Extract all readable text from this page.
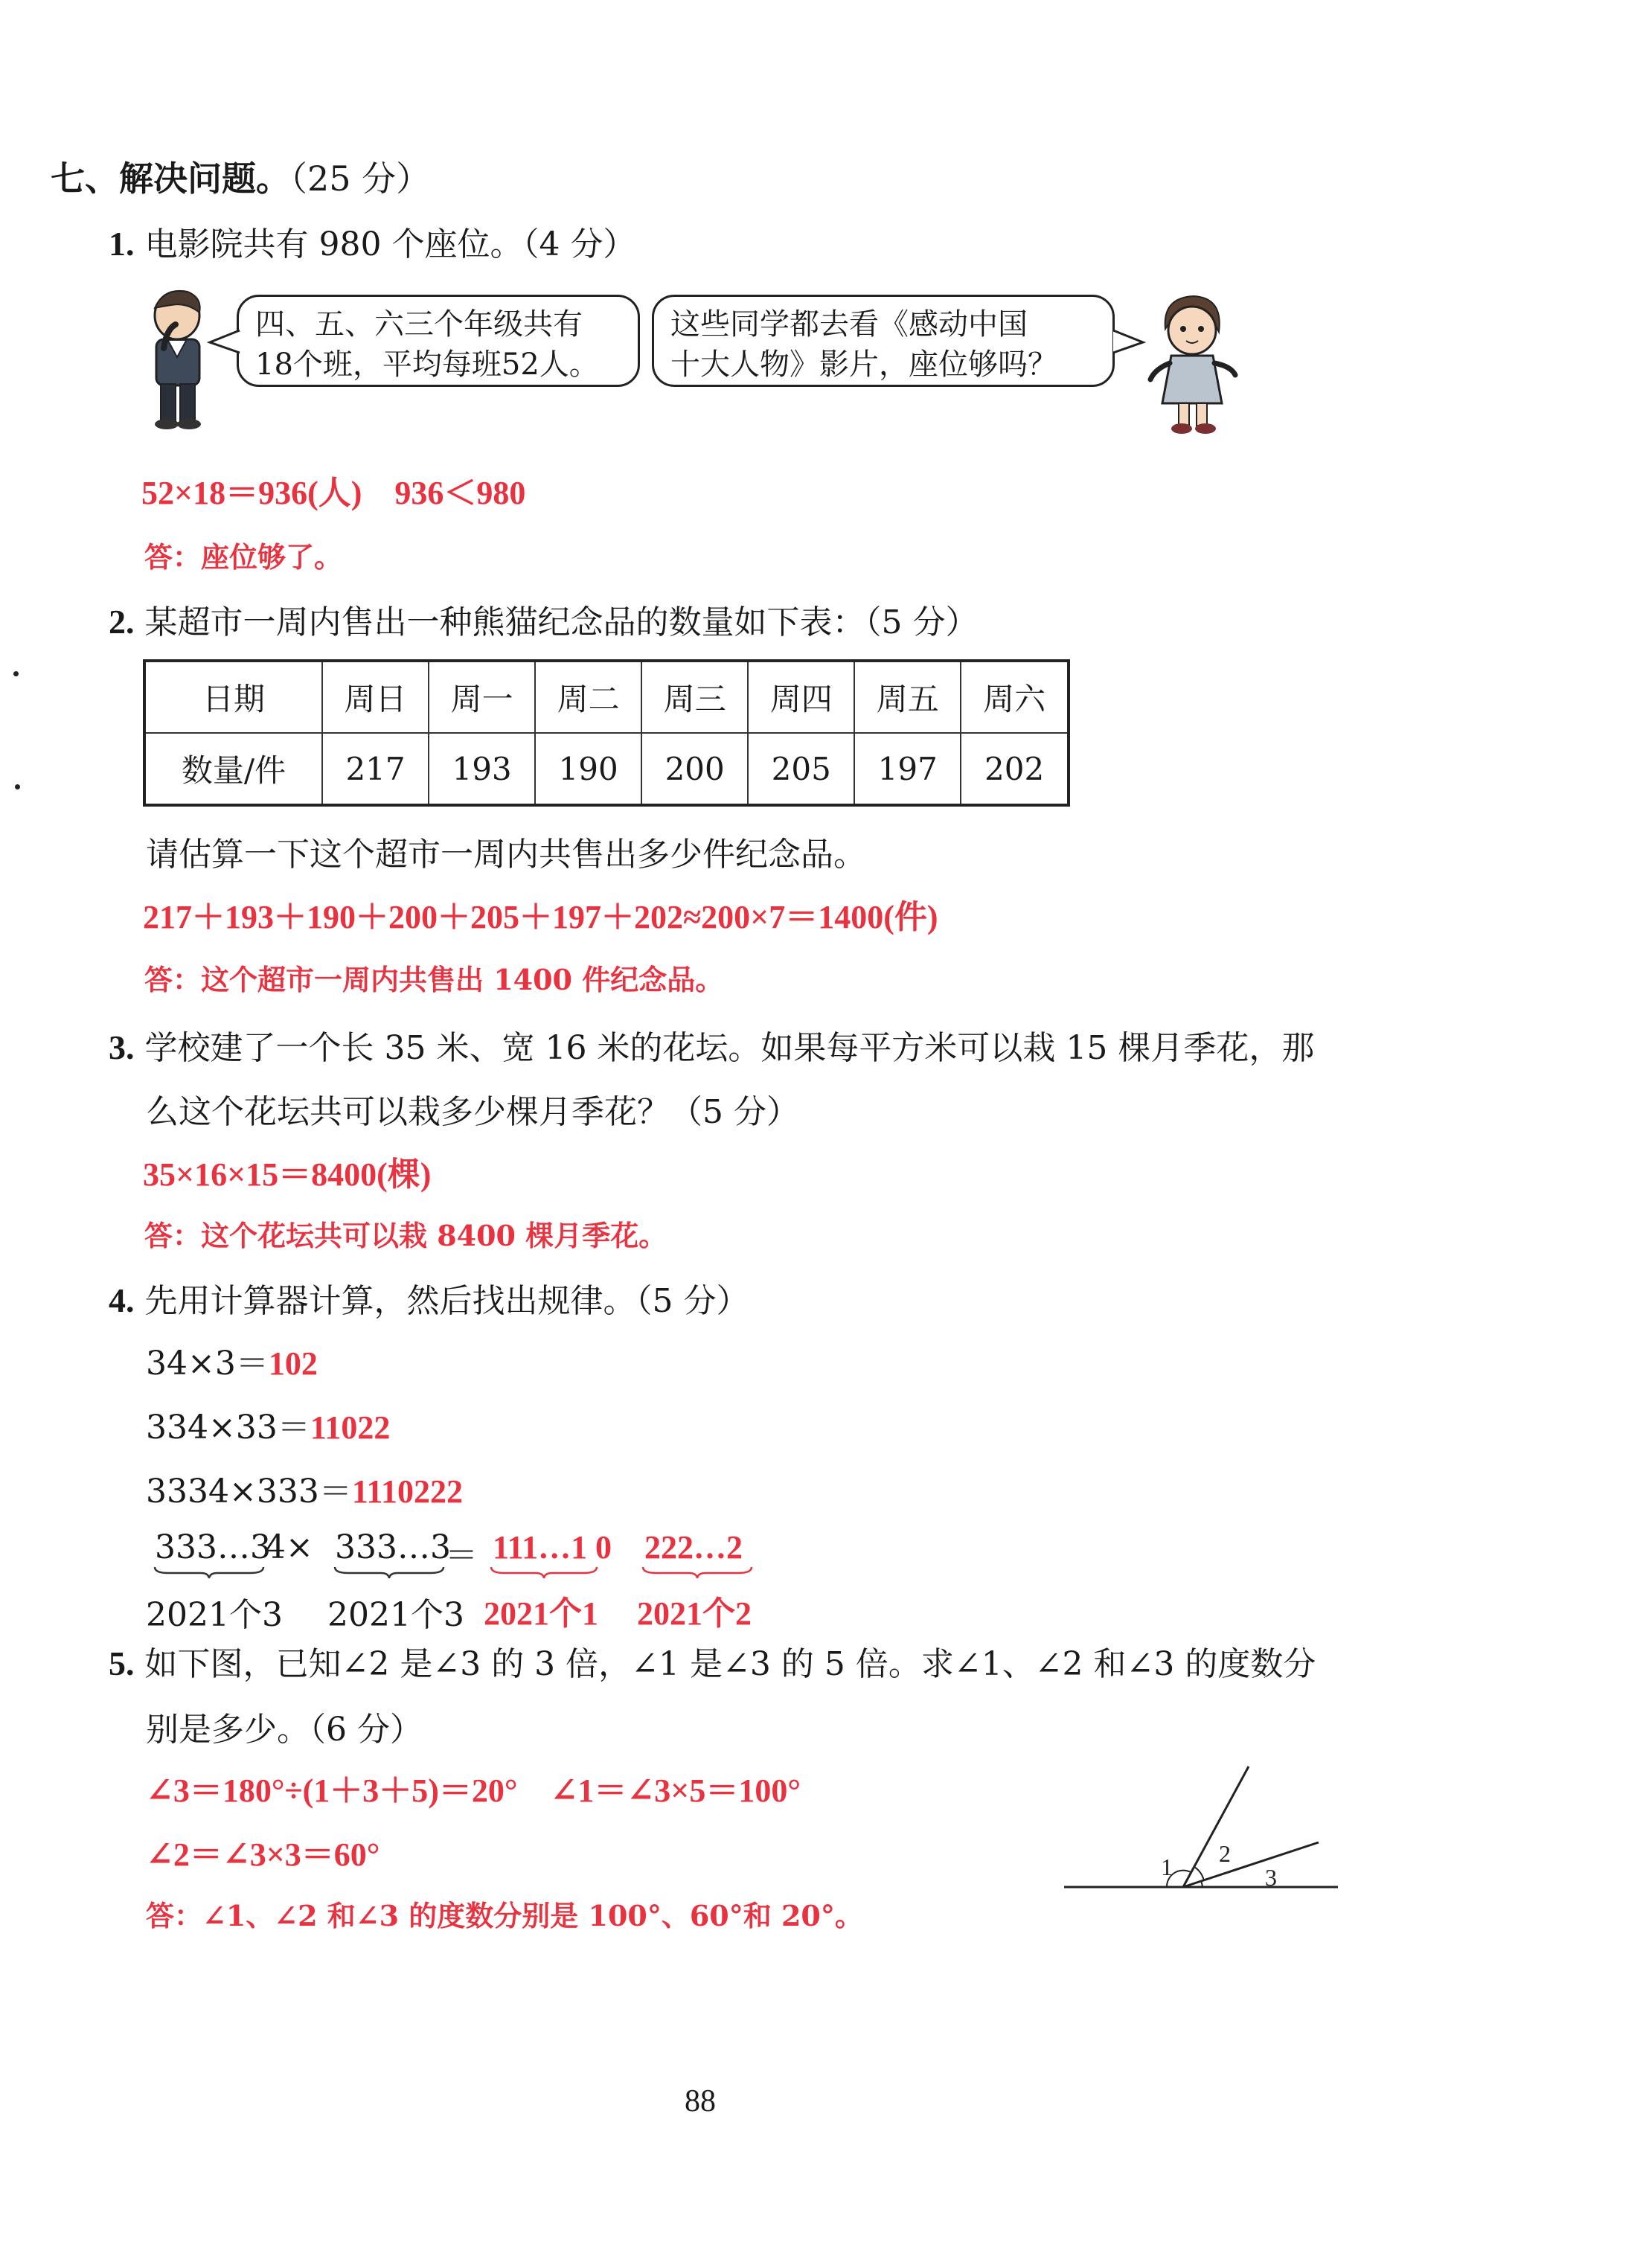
七、解决问题。（25 分）
1. 电影院共有 980 个座位。（4 分）
四、五、六三个年级共有
18个班，平均每班52人。
这些同学都去看《感动中国
十大人物》影片，座位够吗？
52×18＝936(人)　936＜980
答：座位够了。
2. 某超市一周内售出一种熊猫纪念品的数量如下表：（5 分）
日期	周日	周一	周二	周三	周四	周五	周六
数量/件	217	193	190	200	205	197	202
请估算一下这个超市一周内共售出多少件纪念品。
217＋193＋190＋200＋205＋197＋202≈200×7＝1400(件)
答：这个超市一周内共售出 1400 件纪念品。
3. 学校建了一个长 35 米、宽 16 米的花坛。如果每平方米可以栽 15 棵月季花，那
么这个花坛共可以栽多少棵月季花？（5 分）
35×16×15＝8400(棵)
答：这个花坛共可以栽 8400 棵月季花。
4. 先用计算器计算，然后找出规律。（5 分）
34×3＝102
334×33＝11022
3334×333＝1110222
333…3
4× 333…3
＝ 111…1 0 222…2
2021个3 2021个3 2021个1 2021个2
5. 如下图，已知∠2 是∠3 的 3 倍，∠1 是∠3 的 5 倍。求∠1、∠2 和∠3 的度数分
别是多少。（6 分）
∠3＝180°÷(1＋3＋5)＝20°　∠1＝∠3×5＝100°
∠2＝∠3×3＝60°
答：∠1、∠2 和∠3 的度数分别是 100°、60°和 20°。
1 2
3
88
